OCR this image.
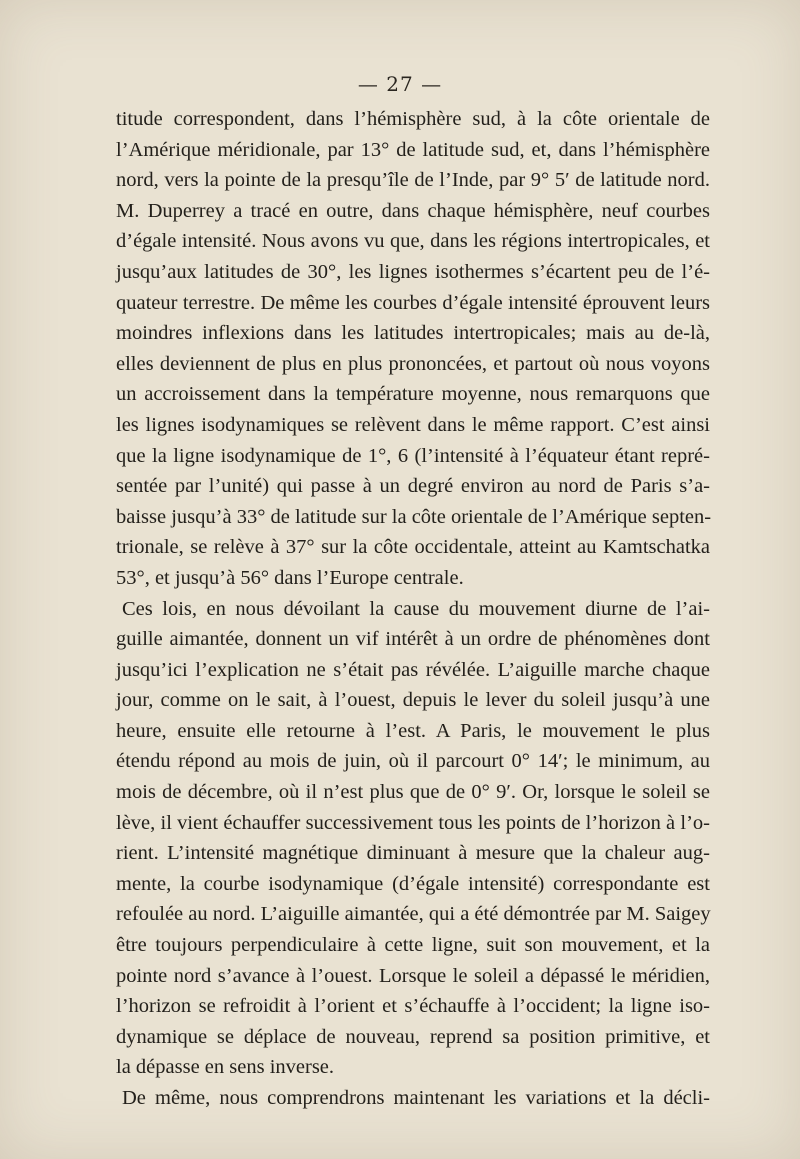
— 27 —
titude correspondent, dans l’hémisphère sud, à la côte orientale de
l’Amérique méridionale, par 13° de latitude sud, et, dans l’hémisphère
nord, vers la pointe de la presqu’île de l’Inde, par 9° 5′ de latitude nord.
M. Duperrey a tracé en outre, dans chaque hémisphère, neuf courbes
d’égale intensité. Nous avons vu que, dans les régions intertropicales, et
jusqu’aux latitudes de 30°, les lignes isothermes s’écartent peu de l’é-
quateur terrestre. De même les courbes d’égale intensité éprouvent leurs
moindres inflexions dans les latitudes intertropicales; mais au de-là,
elles deviennent de plus en plus prononcées, et partout où nous voyons
un accroissement dans la température moyenne, nous remarquons que
les lignes isodynamiques se relèvent dans le même rapport. C’est ainsi
que la ligne isodynamique de 1°, 6 (l’intensité à l’équateur étant repré-
sentée par l’unité) qui passe à un degré environ au nord de Paris s’a-
baisse jusqu’à 33° de latitude sur la côte orientale de l’Amérique septen-
trionale, se relève à 37° sur la côte occidentale, atteint au Kamtschatka
53°, et jusqu’à 56° dans l’Europe centrale.
Ces lois, en nous dévoilant la cause du mouvement diurne de l’ai-
guille aimantée, donnent un vif intérêt à un ordre de phénomènes dont
jusqu’ici l’explication ne s’était pas révélée. L’aiguille marche chaque
jour, comme on le sait, à l’ouest, depuis le lever du soleil jusqu’à une
heure, ensuite elle retourne à l’est. A Paris, le mouvement le plus
étendu répond au mois de juin, où il parcourt 0° 14′; le minimum, au
mois de décembre, où il n’est plus que de 0° 9′. Or, lorsque le soleil se
lève, il vient échauffer successivement tous les points de l’horizon à l’o-
rient. L’intensité magnétique diminuant à mesure que la chaleur aug-
mente, la courbe isodynamique (d’égale intensité) correspondante est
refoulée au nord. L’aiguille aimantée, qui a été démontrée par M. Saigey
être toujours perpendiculaire à cette ligne, suit son mouvement, et la
pointe nord s’avance à l’ouest. Lorsque le soleil a dépassé le méridien,
l’horizon se refroidit à l’orient et s’échauffe à l’occident; la ligne iso-
dynamique se déplace de nouveau, reprend sa position primitive, et
la dépasse en sens inverse.
De même, nous comprendrons maintenant les variations et la décli-
